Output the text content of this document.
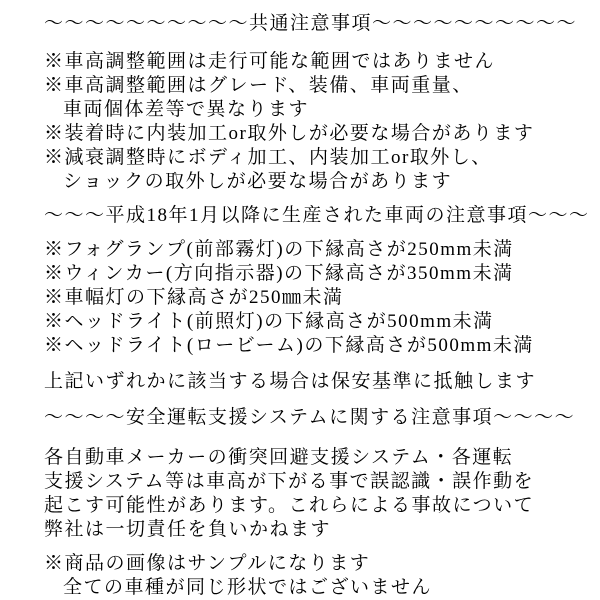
～～～～～～～～～～共通注意事項～～～～～～～～～～
※車高調整範囲は走行可能な範囲ではありません
※車高調整範囲はグレード、装備、車両重量、
車両個体差等で異なります
※装着時に内装加工or取外しが必要な場合があります
※減衰調整時にボディ加工、内装加工or取外し、
ショックの取外しが必要な場合があります
～～～平成18年1月以降に生産された車両の注意事項～～～
※フォグランプ(前部霧灯)の下縁高さが250mm未満
※ウィンカー(方向指示器)の下縁高さが350mm未満
※車幅灯の下縁高さが250㎜未満
※ヘッドライト(前照灯)の下縁高さが500mm未満
※ヘッドライト(ロービーム)の下縁高さが500mm未満
上記いずれかに該当する場合は保安基準に抵触します
～～～～安全運転支援システムに関する注意事項～～～～
各自動車メーカーの衝突回避支援システム・各運転
支援システム等は車高が下がる事で誤認識・誤作動を
起こす可能性があります。これらによる事故について
弊社は一切責任を負いかねます
※商品の画像はサンプルになります
全ての車種が同じ形状ではございません
